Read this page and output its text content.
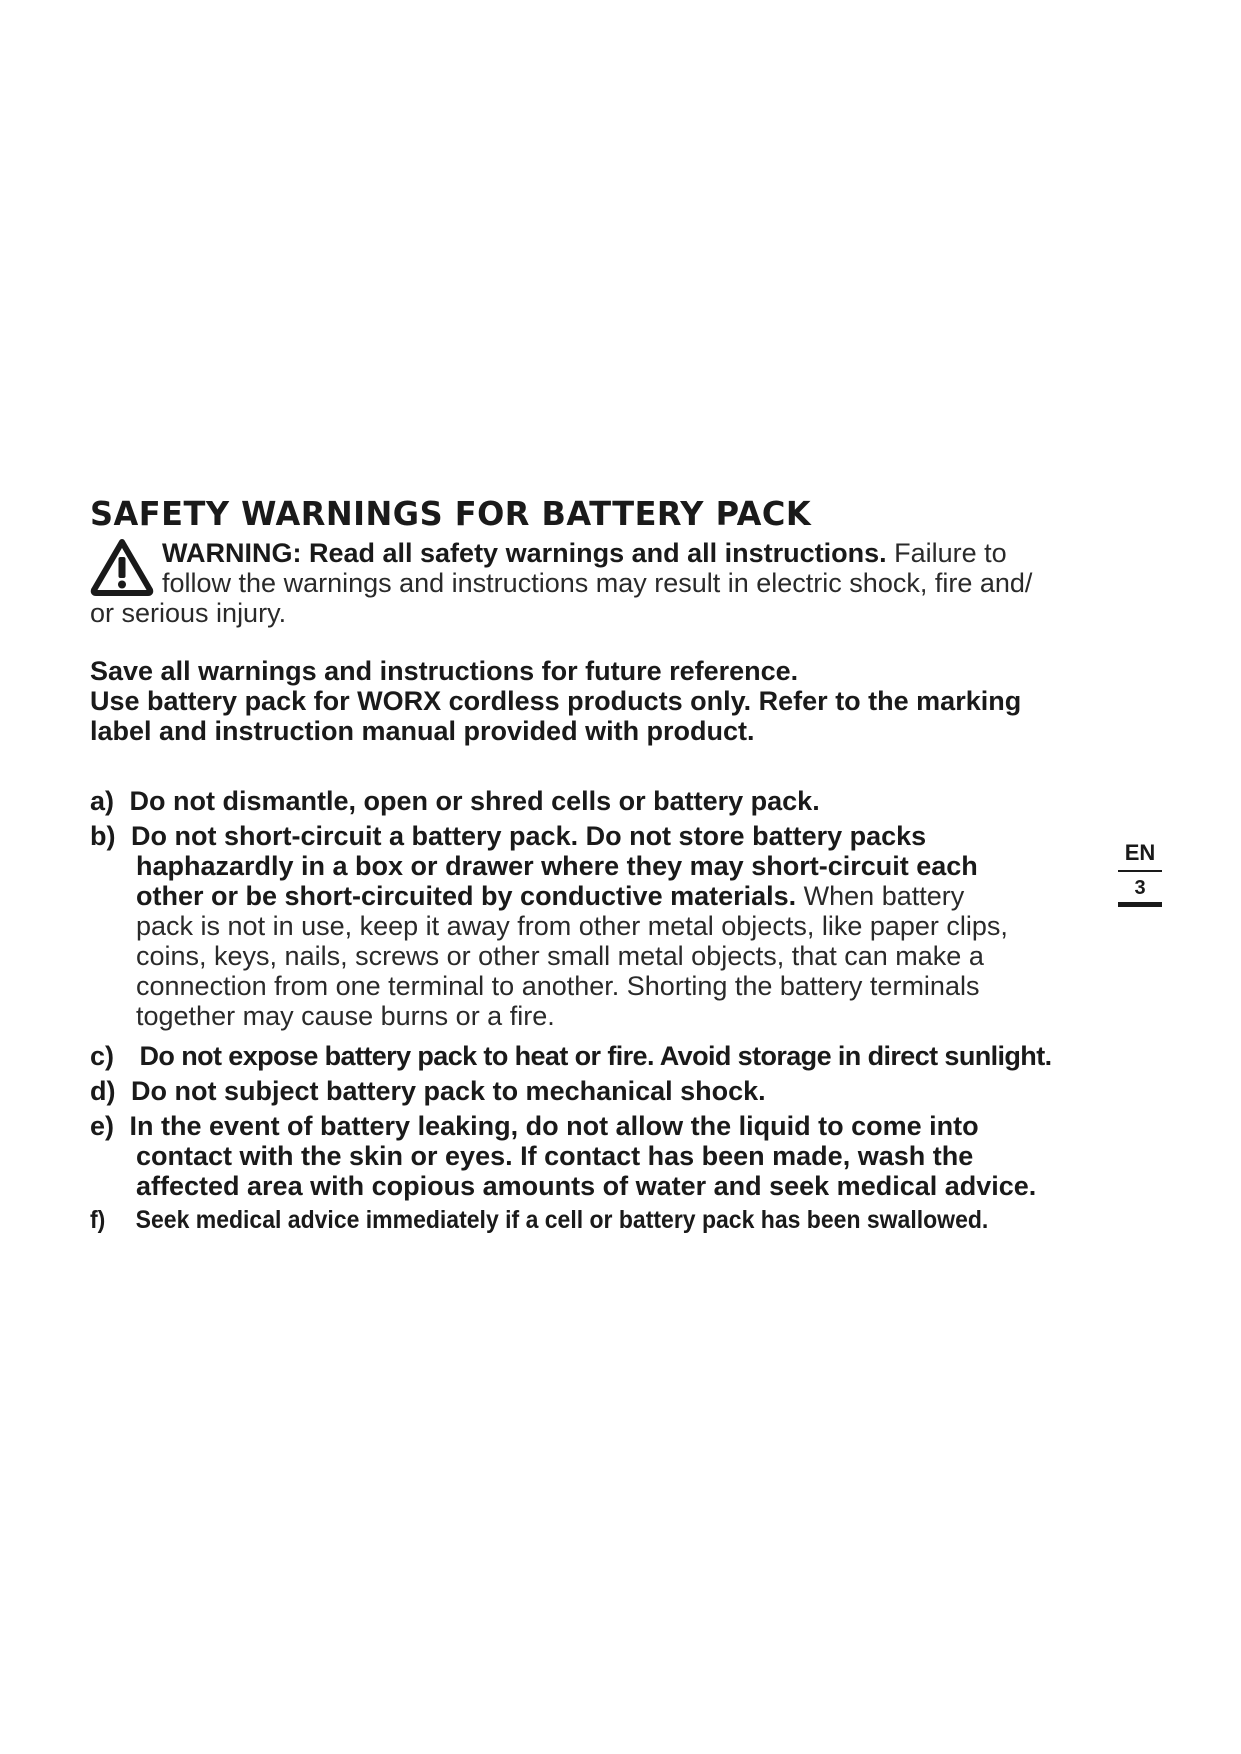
SAFETY WARNINGS FOR BATTERY PACK
WARNING: Read all safety warnings and all instructions. Failure to
follow the warnings and instructions may result in electric shock, fire and/
or serious injury.
Save all warnings and instructions for future reference.
Use battery pack for WORX cordless products only. Refer to the marking
label and instruction manual provided with product.
a) Do not dismantle, open or shred cells or battery pack.
b) Do not short-circuit a battery pack. Do not store battery packs
haphazardly in a box or drawer where they may short-circuit each
other or be short-circuited by conductive materials. When battery
pack is not in use, keep it away from other metal objects, like paper clips,
coins, keys, nails, screws or other small metal objects, that can make a
connection from one terminal to another. Shorting the battery terminals
together may cause burns or a fire.
c) Do not expose battery pack to heat or fire. Avoid storage in direct sunlight.
d) Do not subject battery pack to mechanical shock.
e) In the event of battery leaking, do not allow the liquid to come into
contact with the skin or eyes. If contact has been made, wash the
affected area with copious amounts of water and seek medical advice.
f) Seek medical advice immediately if a cell or battery pack has been swallowed.
EN
3
